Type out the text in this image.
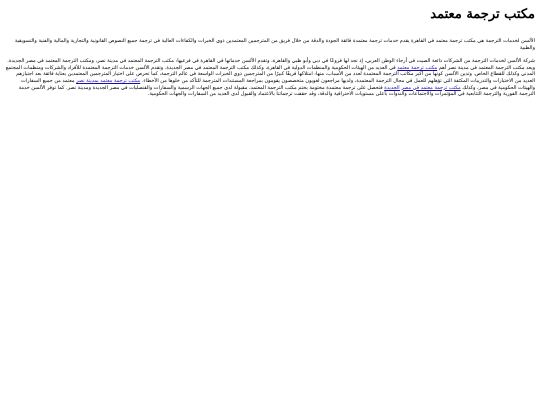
مكتب ترجمة معتمد

الألسن لخدمات الترجمة هي مكتب ترجمة معتمد في القاهرة يقدم خدمات ترجمة معتمدة فائقة الجودة والدقة من خلال فريق من المترجمين المعتمدين ذوي الخبرات والكفاءات العالية في ترجمة جميع النصوص القانونية والتجارية والمالية والفنية والتسويقية والطبية

شركة الألسن لخدمات الترجمة من الشركات ذائعة الصيت في أرجاء الوطن العربي، إذ نجد لها فروعًا في دبي وأبو ظبي والقاهرة، وتقدم الألسن خدماتها في القاهرة في فرعيها: مكتب الترجمة المعتمد في مدينة نصر، ومكتب الترجمة المعتمد في مصر الجديدة. ويعد مكتب الترجمة المعتمد في مدينة نصر أهم مكتب ترجمة معتمد في العديد من الهيئات الحكومية والمنظمات الدولية في القاهرة، وكذلك مكتب الترجمة المعتمد في مصر الجديدة. وتقدم الألسن خدمات الترجمة المعتمدة للأفراد والشركات ومنظمات المجتمع المدني وكذلك للقطاع الخاص. وتدين الألسن كونها من أكبر مكاتب الترجمة المعتمدة لعدد من الأسباب، منها: امتلاكها فريقًا كبيرًا من المترجمين ذوي الخبرات الواسعة في عالم الترجمة، كما تحرص على اختيار المترجمين المعتمدين بعناية فائقة بعد اجتيازهم العديد من الاختبارات والتدريبات المكثفة التي تؤهلهم للعمل في مجال الترجمة المعتمدة، ولديها مراجعون لغويون متخصصون يقومون بمراجعة المستندات المترجمة للتأكد من خلوها من الأخطاء. مكتب ترجمة معتمد بمدينة نصر معتمد من جميع السفارات والهيئات الحكومية في مصر، وكذلك مكتب ترجمة معتمد في مصر الجديدة فتحصل على ترجمة معتمدة مختومة بختم مكتب الترجمة المعتمد، مقبولة لدى جميع الجهات الرسمية والسفارات والقنصليات في مصر الجديدة ومدينة نصر. كما توفر الألسن خدمة الترجمة الفورية والترجمة التتابعية في المؤتمرات والاجتماعات والندوات بأعلى مستويات الاحترافية والدقة، وقد حققت ترجماتنا بالاعتماد والقبول لدى العديد من السفارات والجهات الحكومية.
